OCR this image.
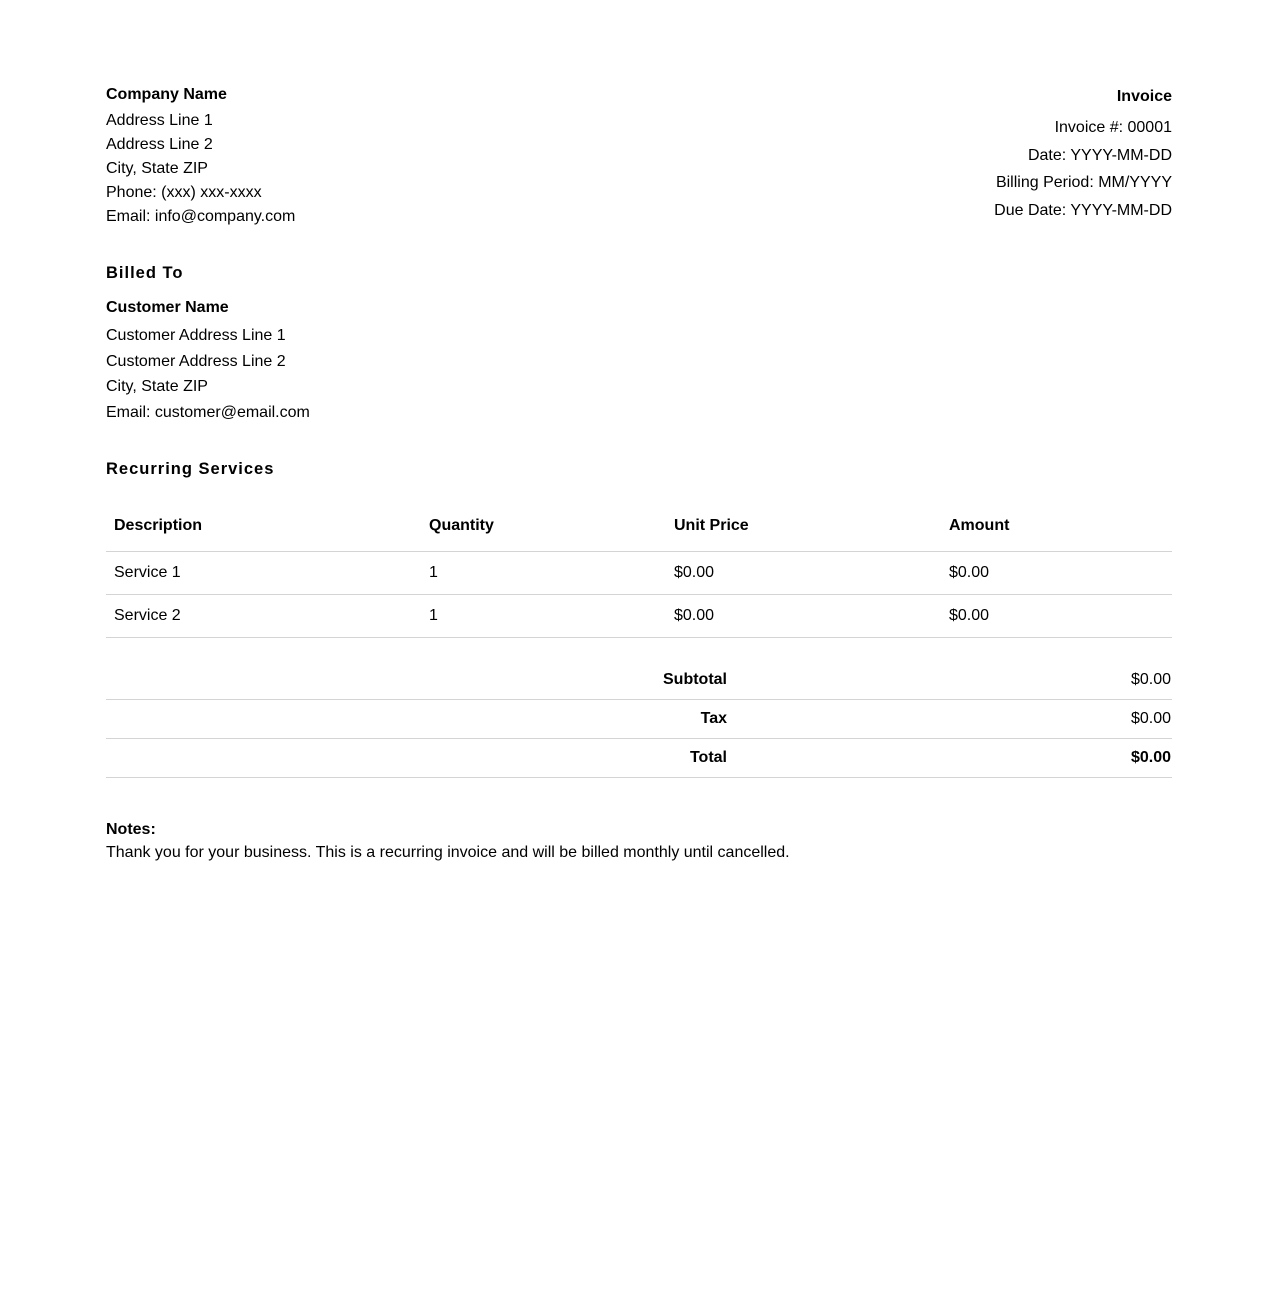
Company Name
Address Line 1
Address Line 2
City, State ZIP
Phone: (xxx) xxx-xxxx
Email: info@company.com
Invoice
Invoice #: 00001
Date: YYYY-MM-DD
Billing Period: MM/YYYY
Due Date: YYYY-MM-DD
Billed To
Customer Name
Customer Address Line 1
Customer Address Line 2
City, State ZIP
Email: customer@email.com
Recurring Services
Description	Quantity	Unit Price	Amount
Service 1	1	$0.00	$0.00
Service 2	1	$0.00	$0.00
Subtotal	$0.00
Tax	$0.00
Total	$0.00
Notes:
Thank you for your business. This is a recurring invoice and will be billed monthly until cancelled.
